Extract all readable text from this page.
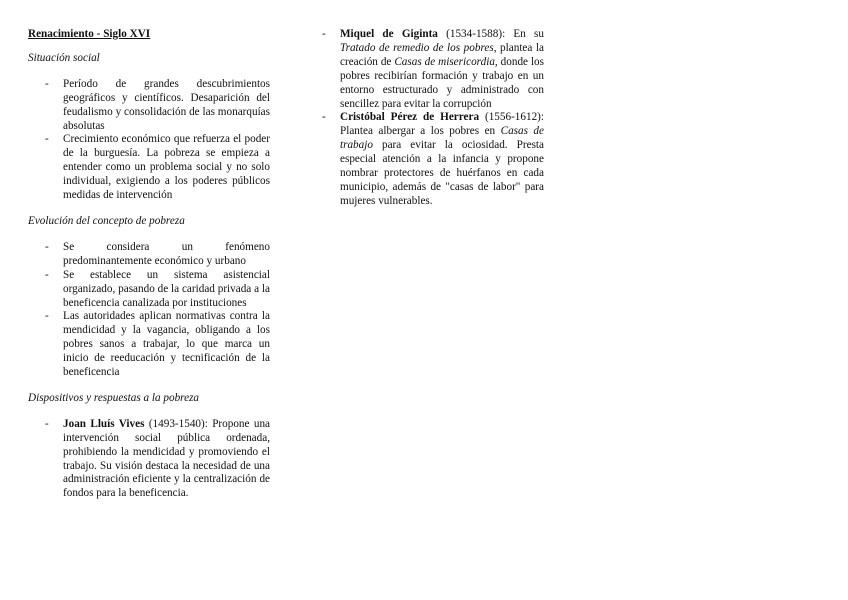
Renacimiento - Siglo XVI
Situación social
- Período de grandes descubrimientos geográficos y científicos. Desaparición del feudalismo y consolidación de las monarquías absolutas
- Crecimiento económico que refuerza el poder de la burguesía. La pobreza se empieza a entender como un problema social y no solo individual, exigiendo a los poderes públicos medidas de intervención
Evolución del concepto de pobreza
- Se considera un fenómeno predominantemente económico y urbano
- Se establece un sistema asistencial organizado, pasando de la caridad privada a la beneficencia canalizada por instituciones
- Las autoridades aplican normativas contra la mendicidad y la vagancia, obligando a los pobres sanos a trabajar, lo que marca un inicio de reeducación y tecnificación de la beneficencia
Dispositivos y respuestas a la pobreza
- Joan Lluís Vives (1493-1540): Propone una intervención social pública ordenada, prohibiendo la mendicidad y promoviendo el trabajo. Su visión destaca la necesidad de una administración eficiente y la centralización de fondos para la beneficencia.
- Miquel de Giginta (1534-1588): En su Tratado de remedio de los pobres, plantea la creación de Casas de misericordia, donde los pobres recibirían formación y trabajo en un entorno estructurado y administrado con sencillez para evitar la corrupción
- Cristóbal Pérez de Herrera (1556-1612): Plantea albergar a los pobres en Casas de trabajo para evitar la ociosidad. Presta especial atención a la infancia y propone nombrar protectores de huérfanos en cada municipio, además de "casas de labor" para mujeres vulnerables.
